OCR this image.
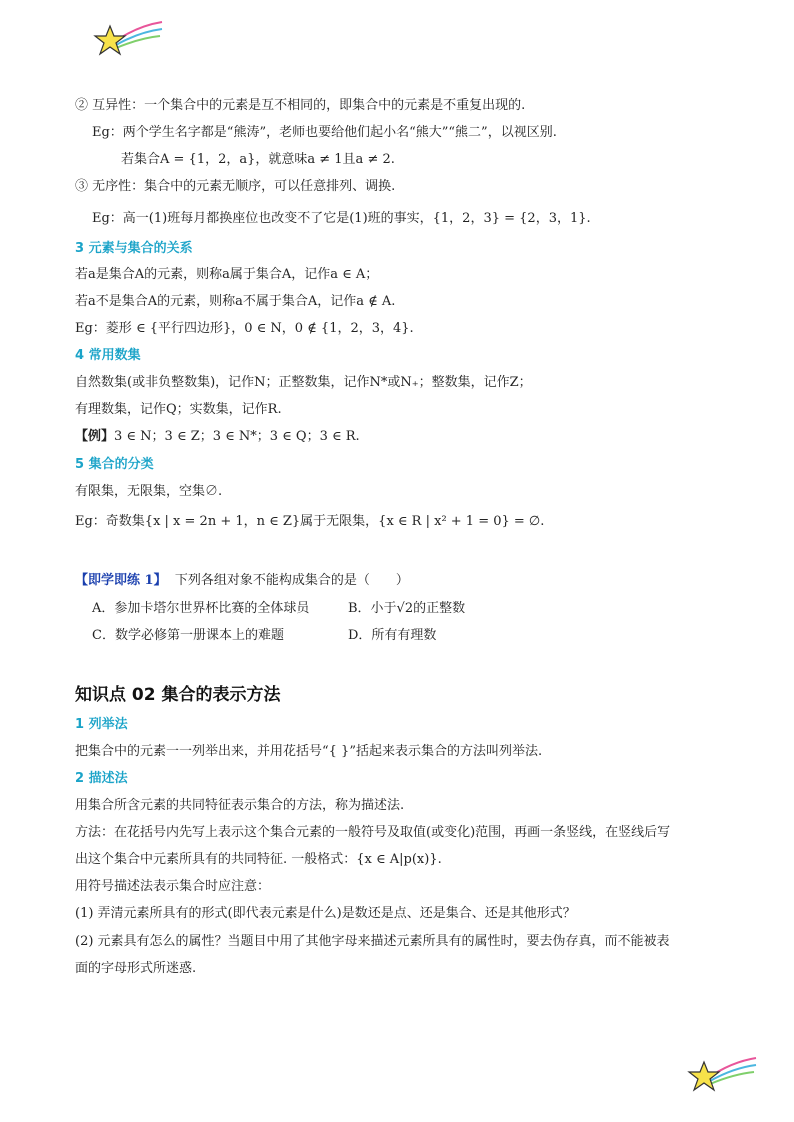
② 互异性：一个集合中的元素是互不相同的，即集合中的元素是不重复出现的.
Eg：两个学生名字都是“熊涛”，老师也要给他们起小名“熊大”“熊二”，以视区别.
若集合A = {1，2，a}，就意味a ≠ 1且a ≠ 2.
③ 无序性：集合中的元素无顺序，可以任意排列、调换.
Eg：高一(1)班每月都换座位也改变不了它是(1)班的事实，{1，2，3} = {2，3，1}.
3 元素与集合的关系
若a是集合A的元素，则称a属于集合A，记作a ∈ A；
若a不是集合A的元素，则称a不属于集合A，记作a ∉ A.
Eg：菱形 ∈ {平行四边形}，0 ∈ N，0 ∉ {1，2，3，4}.
4 常用数集
自然数集(或非负整数集)，记作N；正整数集，记作N*或N₊；整数集，记作Z；
有理数集，记作Q；实数集，记作R.
【例】3 ∈ N；3 ∈ Z；3 ∈ N*；3 ∈ Q；3 ∈ R.
5 集合的分类
有限集，无限集，空集∅.
Eg：奇数集{x | x = 2n + 1，n ∈ Z}属于无限集，{x ∈ R | x² + 1 = 0} = ∅.
【即学即练 1】 下列各组对象不能构成集合的是（　　）
A．参加卡塔尔世界杯比赛的全体球员	B．小于√2的正整数
C．数学必修第一册课本上的难题	D．所有有理数
知识点 02 集合的表示方法
1 列举法
把集合中的元素一一列举出来，并用花括号“{ }”括起来表示集合的方法叫列举法.
2 描述法
用集合所含元素的共同特征表示集合的方法，称为描述法.
方法：在花括号内先写上表示这个集合元素的一般符号及取值(或变化)范围，再画一条竖线，在竖线后写
出这个集合中元素所具有的共同特征. 一般格式：{x ∈ A|p(x)}.
用符号描述法表示集合时应注意：
(1) 弄清元素所具有的形式(即代表元素是什么)是数还是点、还是集合、还是其他形式？
(2) 元素具有怎么的属性？当题目中用了其他字母来描述元素所具有的属性时，要去伪存真，而不能被表
面的字母形式所迷惑.
